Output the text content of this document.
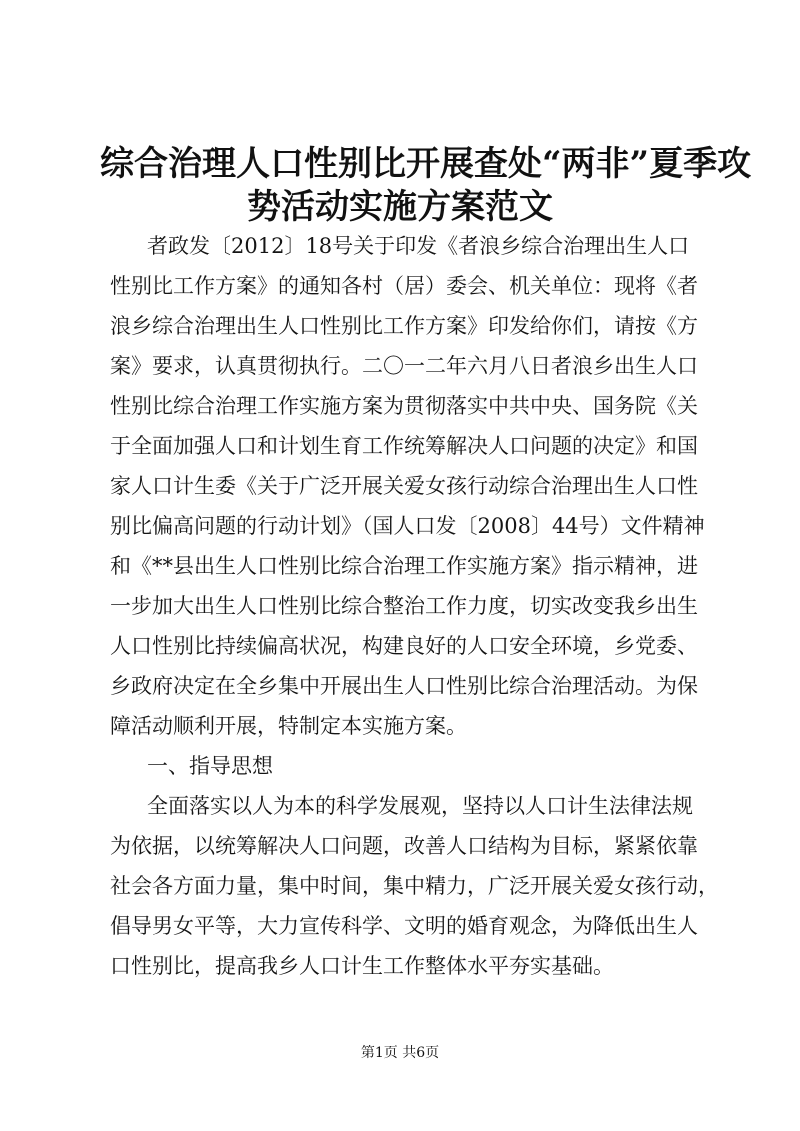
综合治理人口性别比开展查处“两非”夏季攻
势活动实施方案范文
者政发〔2012〕18号关于印发《者浪乡综合治理出生人口
性别比工作方案》的通知各村（居）委会、机关单位：现将《者
浪乡综合治理出生人口性别比工作方案》印发给你们，请按《方
案》要求，认真贯彻执行。二〇一二年六月八日者浪乡出生人口
性别比综合治理工作实施方案为贯彻落实中共中央、国务院《关
于全面加强人口和计划生育工作统筹解决人口问题的决定》和国
家人口计生委《关于广泛开展关爱女孩行动综合治理出生人口性
别比偏高问题的行动计划》（国人口发〔2008〕44号）文件精神
和《**县出生人口性别比综合治理工作实施方案》指示精神，进
一步加大出生人口性别比综合整治工作力度，切实改变我乡出生
人口性别比持续偏高状况，构建良好的人口安全环境，乡党委、
乡政府决定在全乡集中开展出生人口性别比综合治理活动。为保
障活动顺利开展，特制定本实施方案。
一、指导思想
全面落实以人为本的科学发展观，坚持以人口计生法律法规
为依据，以统筹解决人口问题，改善人口结构为目标，紧紧依靠
社会各方面力量，集中时间，集中精力，广泛开展关爱女孩行动，
倡导男女平等，大力宣传科学、文明的婚育观念，为降低出生人
口性别比，提高我乡人口计生工作整体水平夯实基础。
第1页 共6页
